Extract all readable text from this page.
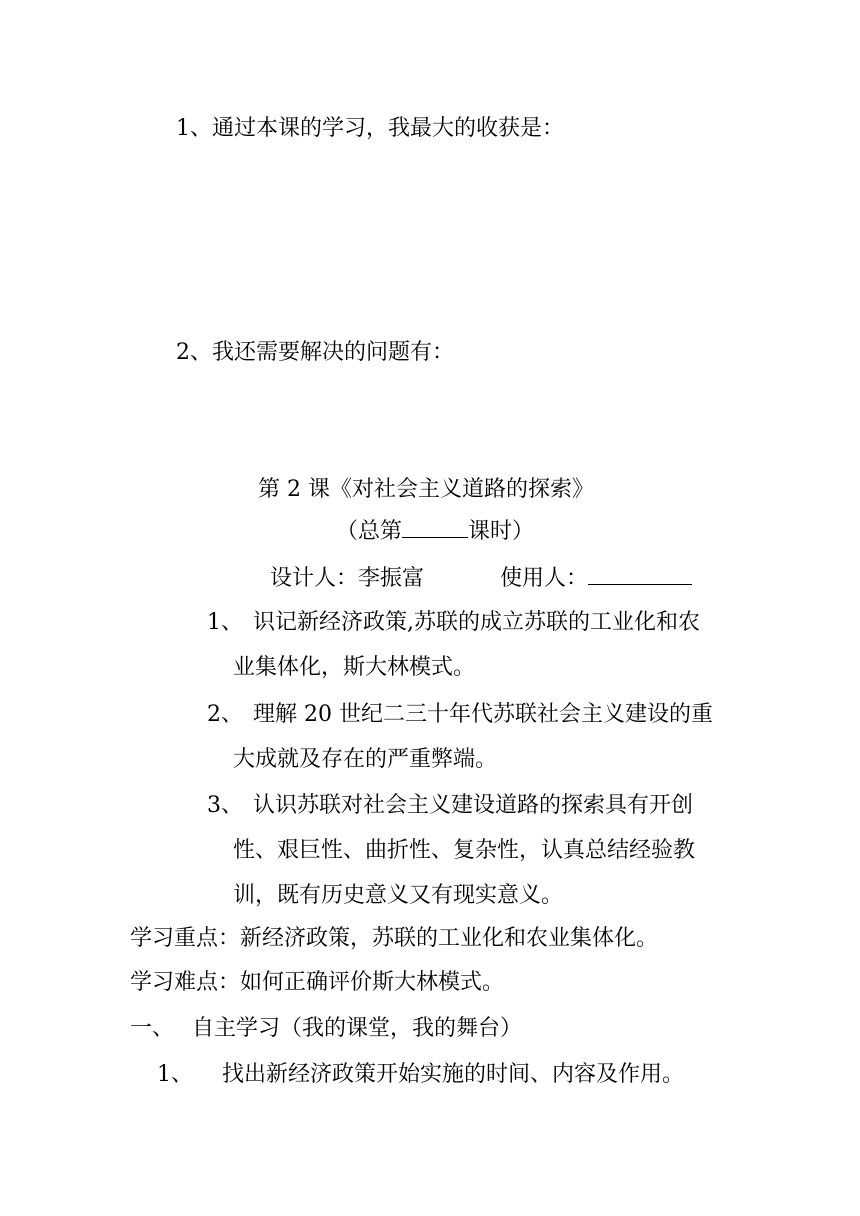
1、通过本课的学习，我最大的收获是：
2、我还需要解决的问题有：
第 2 课《对社会主义道路的探索》
（总第	课时）
设计人：李振富	使用人：
1、 识记新经济政策,苏联的成立苏联的工业化和农
业集体化，斯大林模式。
2、 理解 20 世纪二三十年代苏联社会主义建设的重
大成就及存在的严重弊端。
3、 认识苏联对社会主义建设道路的探索具有开创
性、艰巨性、曲折性、复杂性，认真总结经验教
训，既有历史意义又有现实意义。
学习重点：新经济政策，苏联的工业化和农业集体化。
学习难点：如何正确评价斯大林模式。
一、 自主学习（我的课堂，我的舞台）
1、 找出新经济政策开始实施的时间、内容及作用。
